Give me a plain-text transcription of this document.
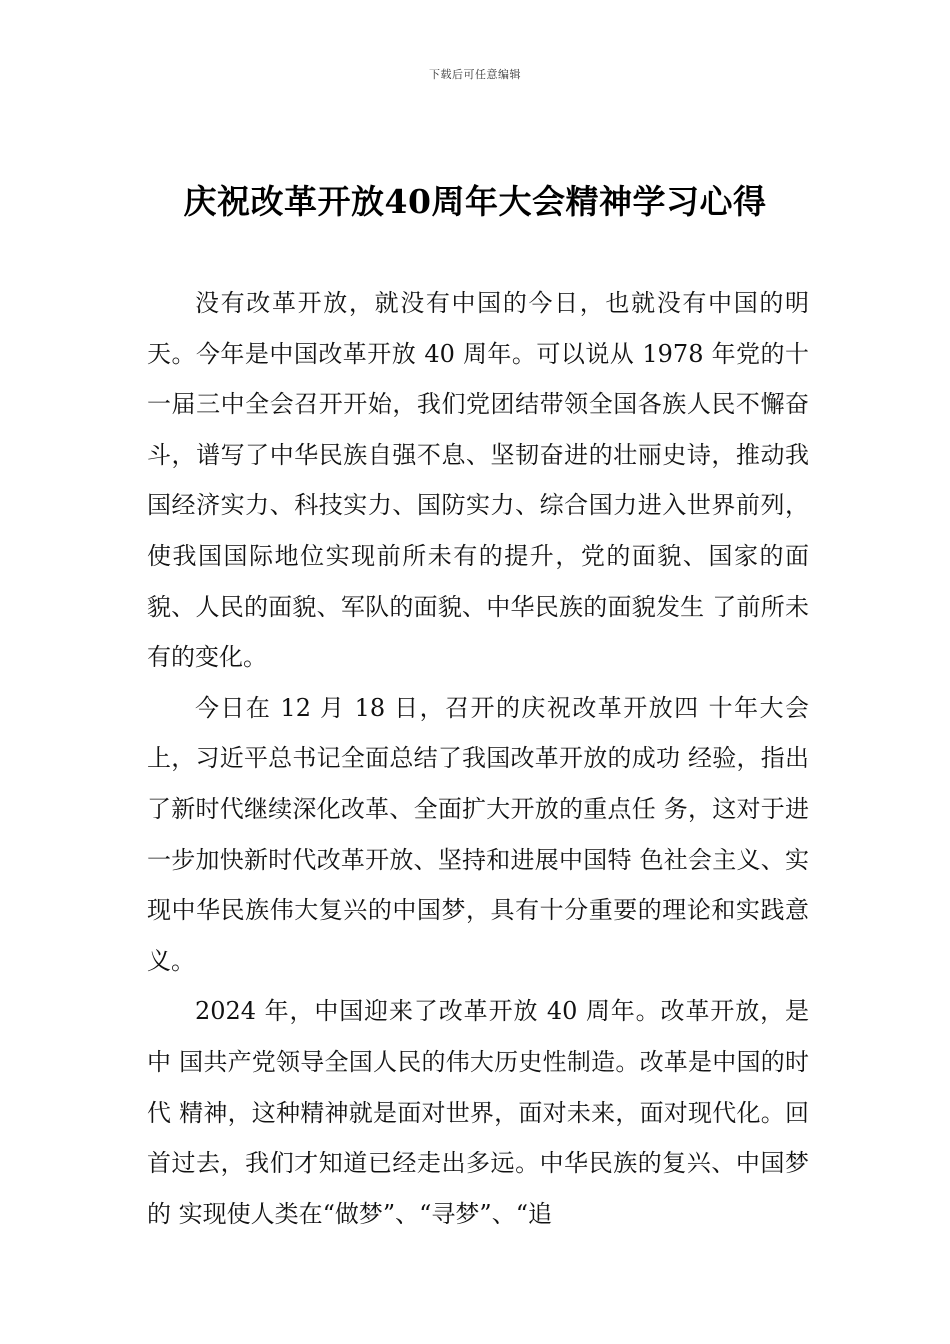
下载后可任意编辑
庆祝改革开放40周年大会精神学习心得

没有改革开放，就没有中国的今日，也就没有中国的明天。今年是中国改革开放 40 周年。可以说从 1978 年党的十 一届三中全会召开开始，我们党团结带领全国各族人民不懈奋斗，谱写了中华民族自强不息、坚韧奋进的壮丽史诗，推动我国经济实力、科技实力、国防实力、综合国力进入世界前列，使我国国际地位实现前所未有的提升，党的面貌、国家的面貌、人民的面貌、军队的面貌、中华民族的面貌发生 了前所未有的变化。

今日在 12 月 18 日，召开的庆祝改革开放四 十年大会上，习近平总书记全面总结了我国改革开放的成功 经验，指出了新时代继续深化改革、全面扩大开放的重点任 务，这对于进一步加快新时代改革开放、坚持和进展中国特 色社会主义、实现中华民族伟大复兴的中国梦，具有十分重要的理论和实践意义。

2024 年，中国迎来了改革开放 40 周年。改革开放，是中 国共产党领导全国人民的伟大历史性制造。改革是中国的时代 精神，这种精神就是面对世界，面对未来，面对现代化。回首过去，我们才知道已经走出多远。中华民族的复兴、中国梦的 实现使人类在“做梦”、“寻梦”、“追
